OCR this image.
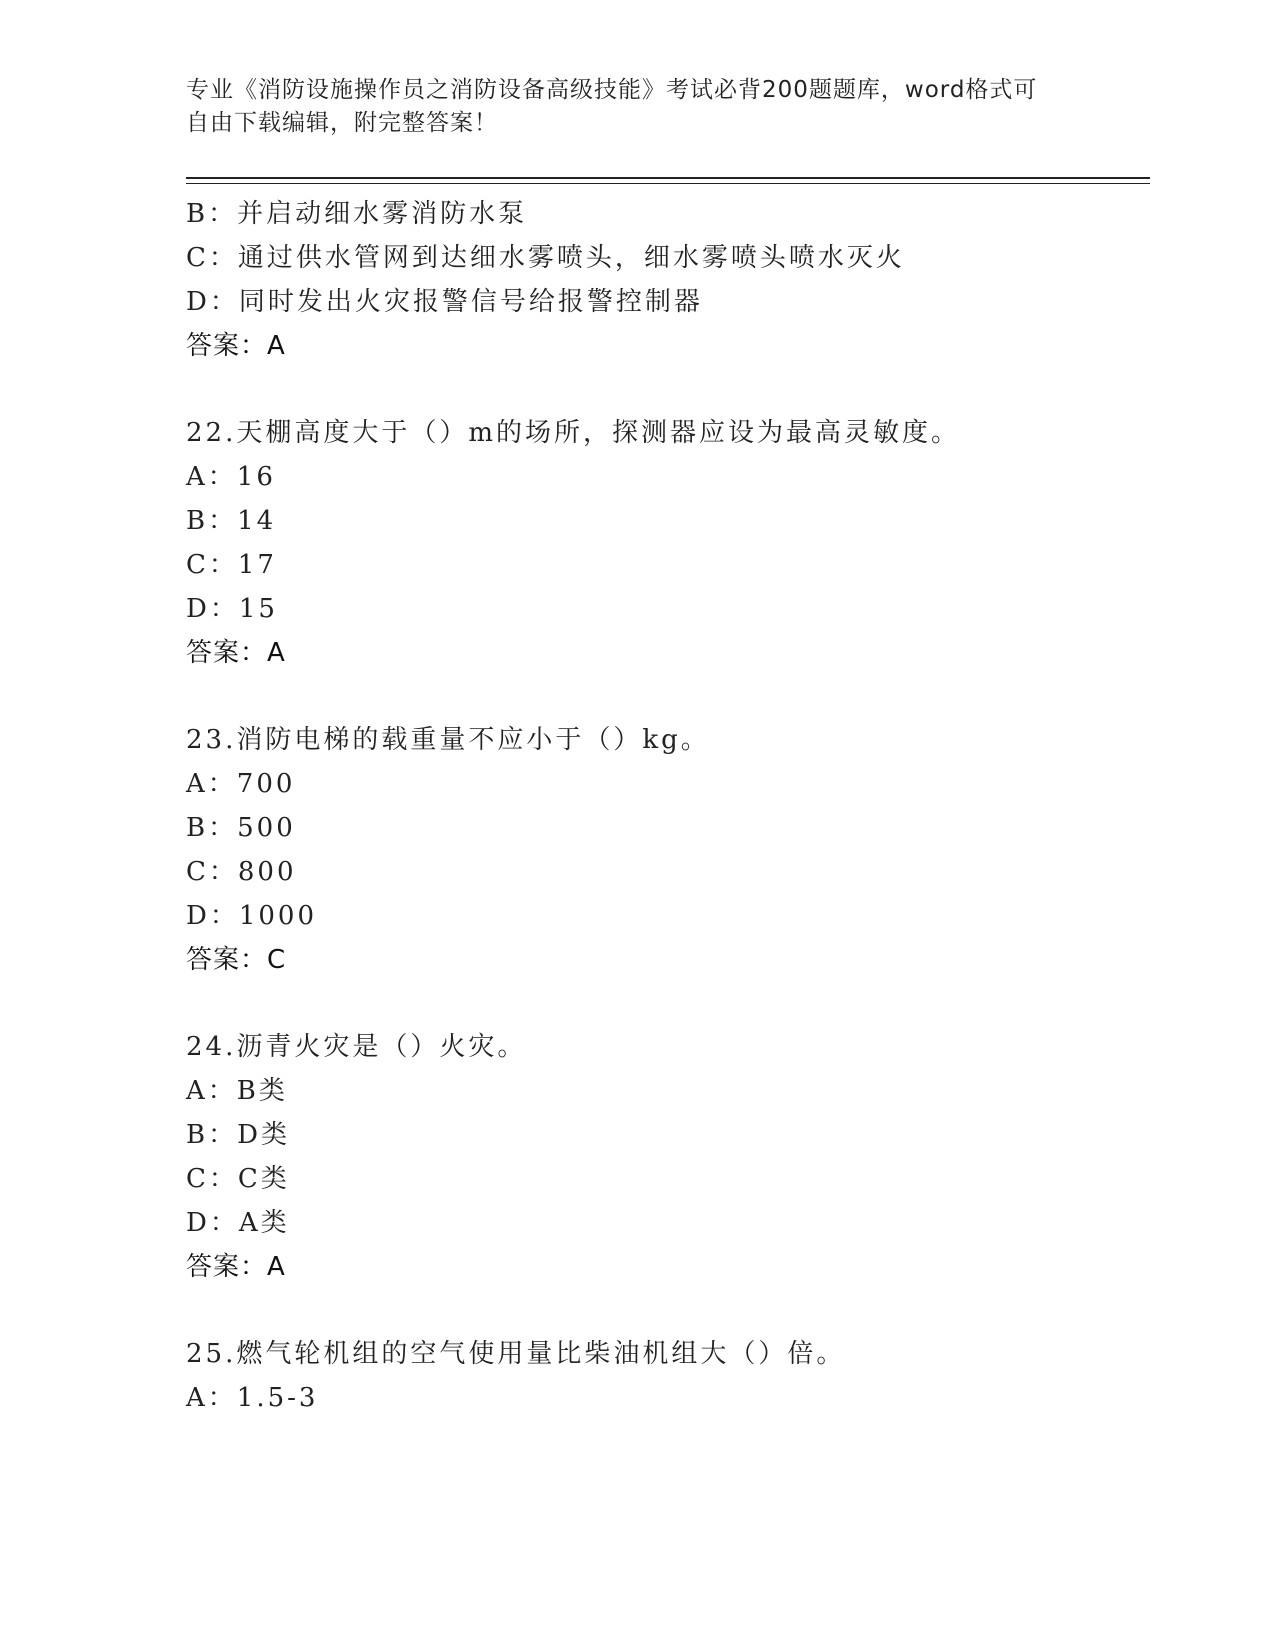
专业《消防设施操作员之消防设备高级技能》考试必背200题题库，word格式可

自由下载编辑，附完整答案！

B：并启动细水雾消防水泵
C：通过供水管网到达细水雾喷头，细水雾喷头喷水灭火
D：同时发出火灾报警信号给报警控制器
答案：A
22.天棚高度大于（）m的场所，探测器应设为最高灵敏度。
A：16
B：14
C：17
D：15
答案：A
23.消防电梯的载重量不应小于（）kg。
A：700
B：500
C：800
D：1000
答案：C
24.沥青火灾是（）火灾。
A：B类
B：D类
C：C类
D：A类
答案：A
25.燃气轮机组的空气使用量比柴油机组大（）倍。
A：1.5-3
